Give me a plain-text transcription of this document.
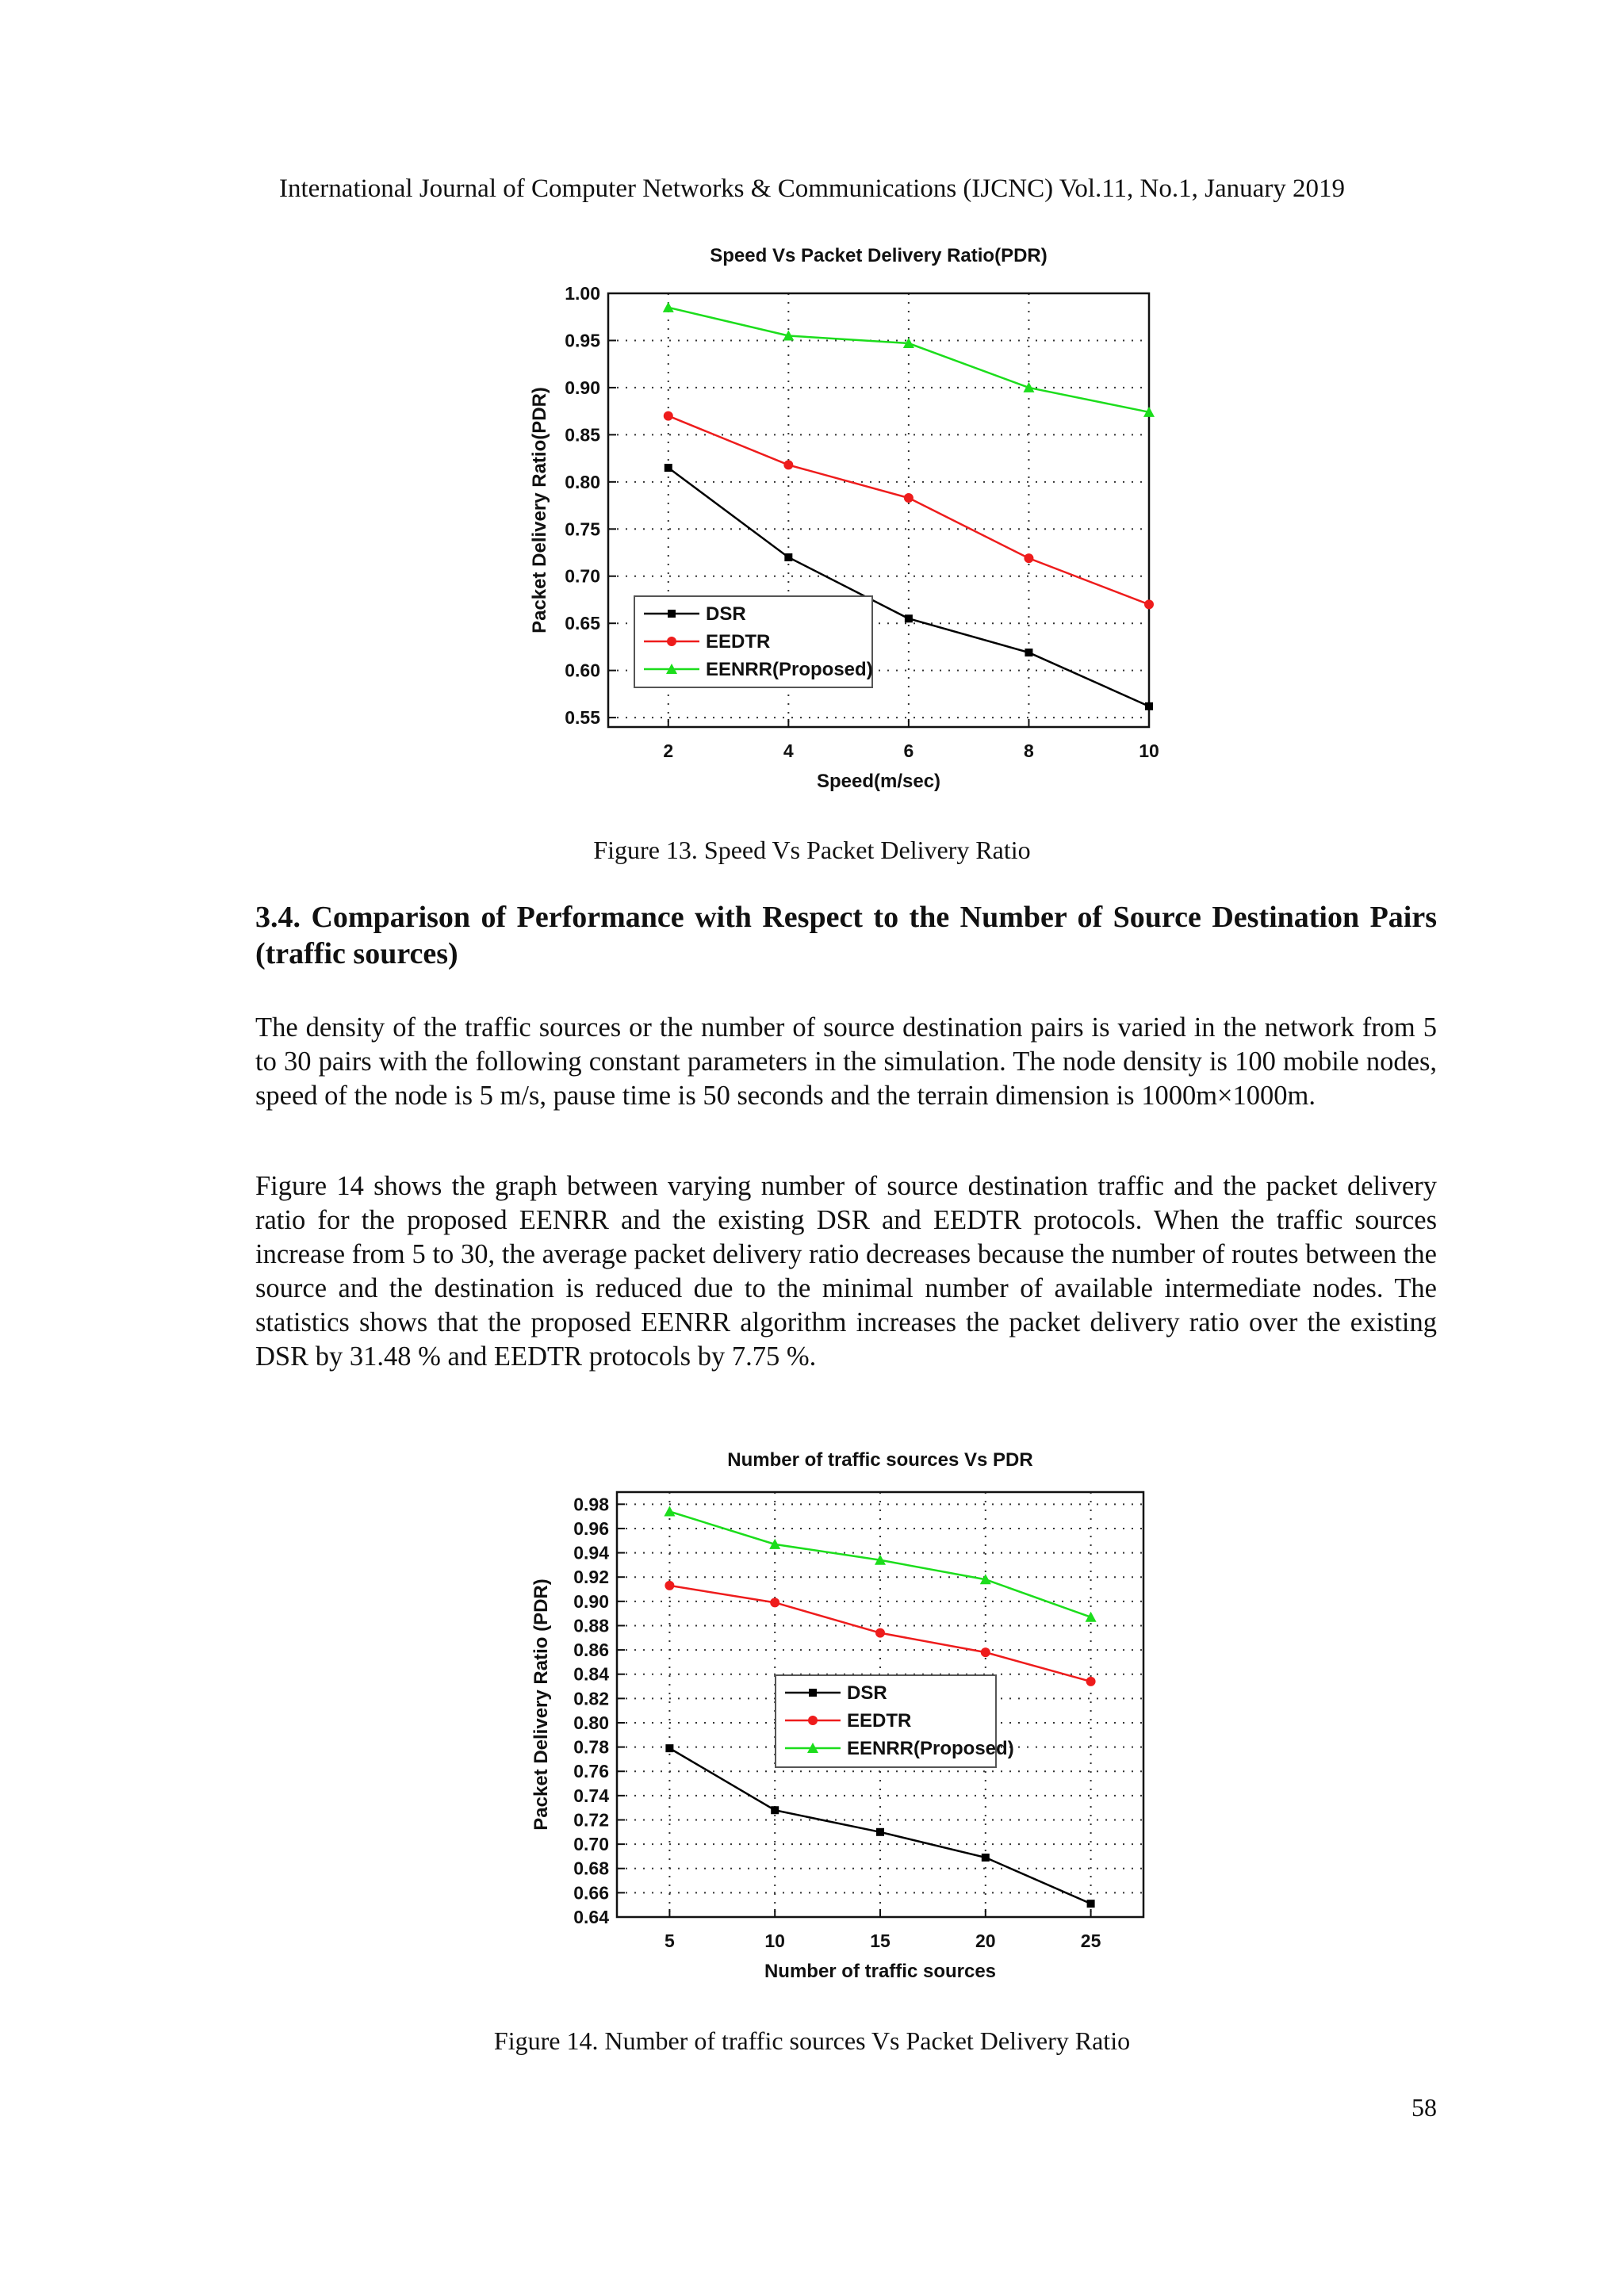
International Journal of Computer Networks & Communications (IJCNC) Vol.11, No.1, January 2019
Speed Vs Packet Delivery Ratio(PDR)
0.55
0.60
0.65
0.70
0.75
0.80
0.85
0.90
0.95
1.00
2	4	6	8	10
Speed(m/sec)
Packet Delivery Ratio(PDR)	DSR
EEDTR
EENRR(Proposed)
Figure 13. Speed Vs Packet Delivery Ratio
3.4. Comparison of Performance with Respect to the Number of Source Destination Pairs (traffic sources)

The density of the traffic sources or the number of source destination pairs is varied in the network from 5 to 30 pairs with the following constant parameters in the simulation. The node density is 100 mobile nodes, speed of the node is 5 m/s, pause time is 50 seconds and the terrain dimension is 1000m×1000m.

Figure 14 shows the graph between varying number of source destination traffic and the packet delivery ratio for the proposed EENRR and the existing DSR and EEDTR protocols. When the traffic sources increase from 5 to 30, the average packet delivery ratio decreases because the number of routes between the source and the destination is reduced due to the minimal number of available intermediate nodes. The statistics shows that the proposed EENRR algorithm increases the packet delivery ratio over the existing DSR by 31.48 % and EEDTR protocols by 7.75 %.

Number of traffic sources Vs PDR
0.64
0.66
0.68
0.70
0.72
0.74
0.76
0.78
0.80
0.82
0.84
0.86
0.88
0.90
0.92
0.94
0.96
0.98
5	10	15	20	25
Number of traffic sources
Packet Delivery Ratio (PDR)	DSR
EEDTR
EENRR(Proposed)
Figure 14. Number of traffic sources Vs Packet Delivery Ratio
58
